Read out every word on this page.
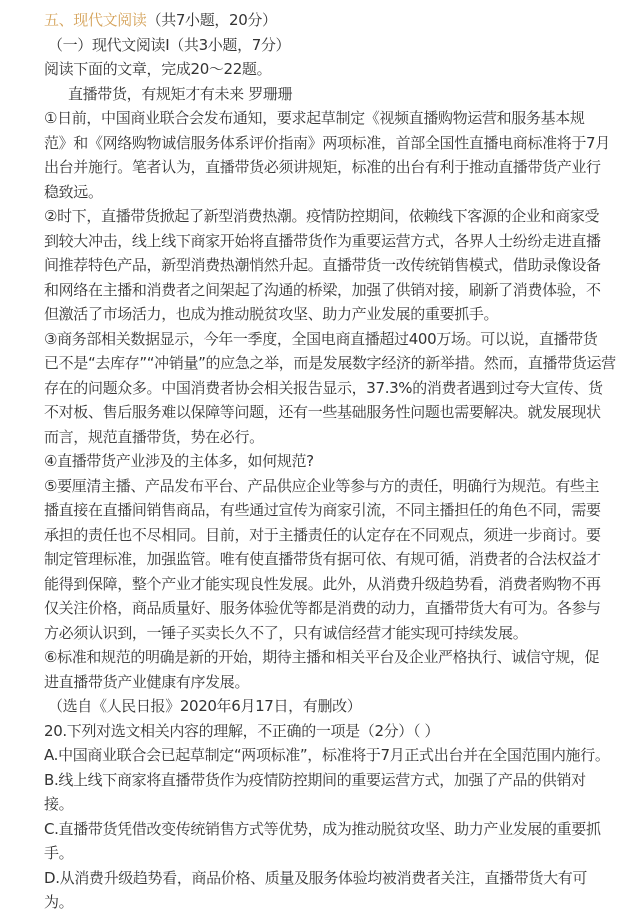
五、现代文阅读（共7小题，20分）
（一）现代文阅读Ⅰ（共3小题，7分）
阅读下面的文章，完成20～22题。
直播带货，有规矩才有未来 罗珊珊
①日前，中国商业联合会发布通知，要求起草制定《视频直播购物运营和服务基本规
范》和《网络购物诚信服务体系评价指南》两项标准，首部全国性直播电商标准将于7月
出台并施行。笔者认为，直播带货必须讲规矩，标准的出台有利于推动直播带货产业行
稳致远。
②时下，直播带货掀起了新型消费热潮。疫情防控期间，依赖线下客源的企业和商家受
到较大冲击，线上线下商家开始将直播带货作为重要运营方式，各界人士纷纷走进直播
间推荐特色产品，新型消费热潮悄然升起。直播带货一改传统销售模式，借助录像设备
和网络在主播和消费者之间架起了沟通的桥梁，加强了供销对接，刷新了消费体验，不
但激活了市场活力，也成为推动脱贫攻坚、助力产业发展的重要抓手。
③商务部相关数据显示，今年一季度，全国电商直播超过400万场。可以说，直播带货
已不是“去库存”“冲销量”的应急之举，而是发展数字经济的新举措。然而，直播带货运营
存在的问题众多。中国消费者协会相关报告显示，37.3%的消费者遇到过夸大宣传、货
不对板、售后服务难以保障等问题，还有一些基础服务性问题也需要解决。就发展现状
而言，规范直播带货，势在必行。
④直播带货产业涉及的主体多，如何规范?
⑤要厘清主播、产品发布平台、产品供应企业等参与方的责任，明确行为规范。有些主
播直接在直播间销售商品，有些通过宣传为商家引流，不同主播担任的角色不同，需要
承担的责任也不尽相同。目前，对于主播责任的认定存在不同观点，须进一步商讨。要
制定管理标准，加强监管。唯有使直播带货有据可依、有规可循，消费者的合法权益才
能得到保障，整个产业才能实现良性发展。此外，从消费升级趋势看，消费者购物不再
仅关注价格，商品质量好、服务体验优等都是消费的动力，直播带货大有可为。各参与
方必须认识到，一锤子买卖长久不了，只有诚信经营才能实现可持续发展。
⑥标准和规范的明确是新的开始，期待主播和相关平台及企业严格执行、诚信守规，促
进直播带货产业健康有序发展。
（选自《人民日报》2020年6月17日，有删改）
20.下列对选文相关内容的理解，不正确的一项是（2分）（ ）
A.中国商业联合会已起草制定“两项标准”，标准将于7月正式出台并在全国范围内施行。
B.线上线下商家将直播带货作为疫情防控期间的重要运营方式，加强了产品的供销对
接。
C.直播带货凭借改变传统销售方式等优势，成为推动脱贫攻坚、助力产业发展的重要抓
手。
D.从消费升级趋势看，商品价格、质量及服务体验均被消费者关注，直播带货大有可
为。
